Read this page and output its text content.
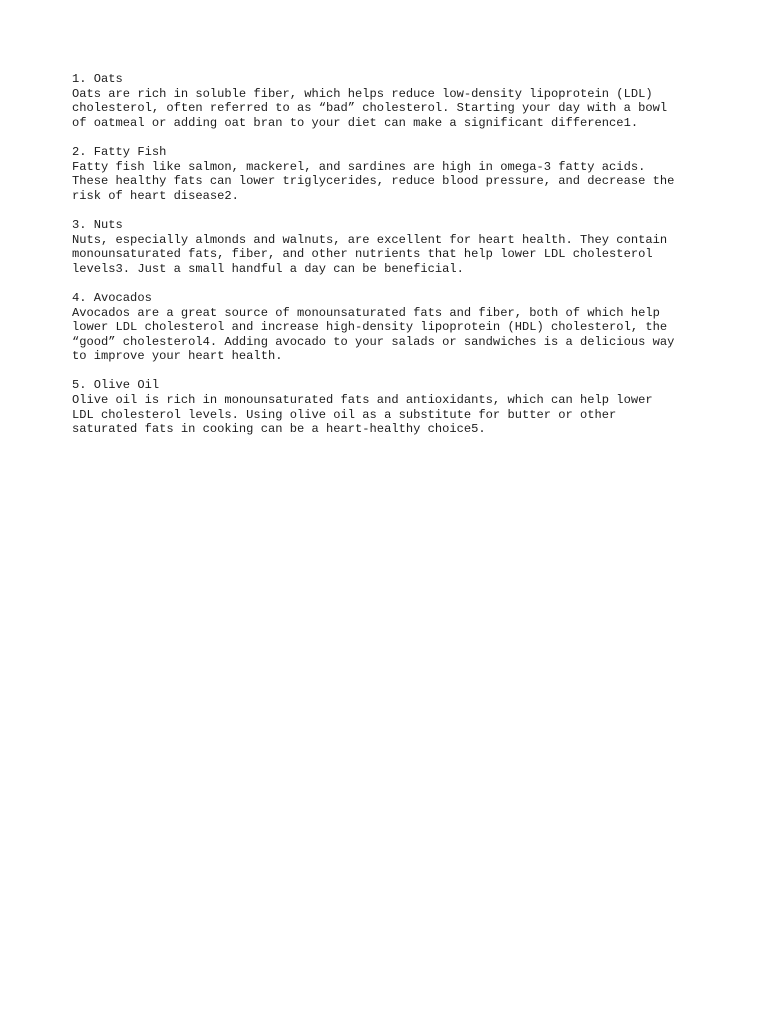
1. Oats
Oats are rich in soluble fiber, which helps reduce low-density lipoprotein (LDL)
cholesterol, often referred to as “bad” cholesterol. Starting your day with a bowl
of oatmeal or adding oat bran to your diet can make a significant difference1.
2. Fatty Fish
Fatty fish like salmon, mackerel, and sardines are high in omega-3 fatty acids.
These healthy fats can lower triglycerides, reduce blood pressure, and decrease the
risk of heart disease2.
3. Nuts
Nuts, especially almonds and walnuts, are excellent for heart health. They contain
monounsaturated fats, fiber, and other nutrients that help lower LDL cholesterol
levels3. Just a small handful a day can be beneficial.
4. Avocados
Avocados are a great source of monounsaturated fats and fiber, both of which help
lower LDL cholesterol and increase high-density lipoprotein (HDL) cholesterol, the
“good” cholesterol4. Adding avocado to your salads or sandwiches is a delicious way
to improve your heart health.
5. Olive Oil
Olive oil is rich in monounsaturated fats and antioxidants, which can help lower
LDL cholesterol levels. Using olive oil as a substitute for butter or other
saturated fats in cooking can be a heart-healthy choice5.
